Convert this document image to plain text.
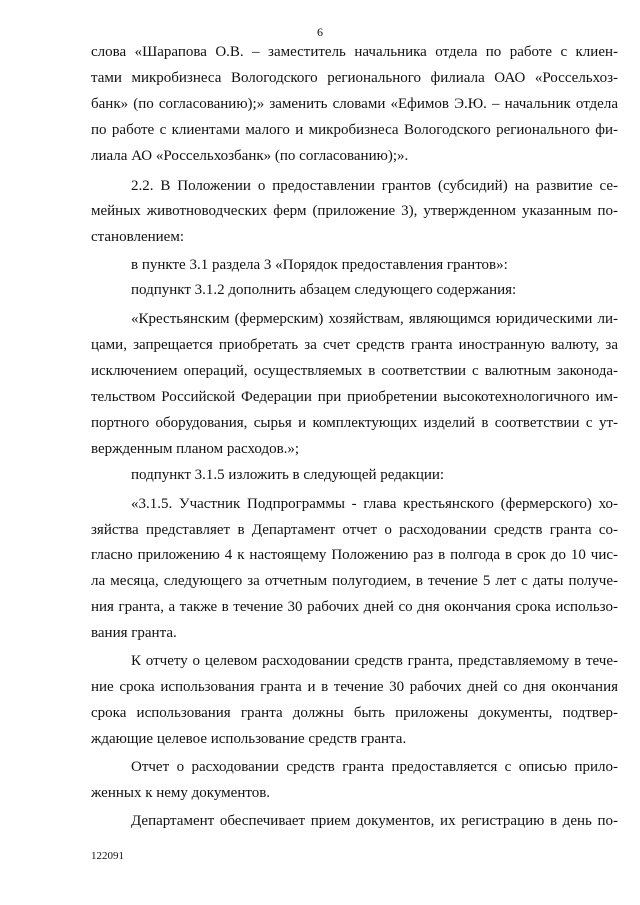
6
слова «Шарапова О.В. – заместитель начальника отдела по работе с клиен-
тами микробизнеса Вологодского регионального филиала ОАО «Россельхоз-
банк» (по согласованию);» заменить словами «Ефимов Э.Ю. – начальник отдела
по работе с клиентами малого и микробизнеса Вологодского регионального фи-
лиала АО «Россельхозбанк» (по согласованию);».
2.2. В Положении о предоставлении грантов (субсидий) на развитие се-
мейных животноводческих ферм (приложение 3), утвержденном указанным по-
становлением:
в пункте 3.1 раздела 3 «Порядок предоставления грантов»:
подпункт 3.1.2 дополнить абзацем следующего содержания:
«Крестьянским (фермерским) хозяйствам, являющимся юридическими ли-
цами, запрещается приобретать за счет средств гранта иностранную валюту, за
исключением операций, осуществляемых в соответствии с валютным законода-
тельством Российской Федерации при приобретении высокотехнологичного им-
портного оборудования, сырья и комплектующих изделий в соответствии с ут-
вержденным планом расходов.»;
подпункт 3.1.5 изложить в следующей редакции:
«3.1.5. Участник Подпрограммы - глава крестьянского (фермерского) хо-
зяйства представляет в Департамент отчет о расходовании средств гранта со-
гласно приложению 4 к настоящему Положению раз в полгода в срок до 10 чис-
ла месяца, следующего за отчетным полугодием, в течение 5 лет с даты получе-
ния гранта, а также в течение 30 рабочих дней со дня окончания срока использо-
вания гранта.
К отчету о целевом расходовании средств гранта, представляемому в тече-
ние срока использования гранта и в течение 30 рабочих дней со дня окончания
срока использования гранта должны быть приложены документы, подтвер-
ждающие целевое использование средств гранта.
Отчет о расходовании средств гранта предоставляется с описью прило-
женных к нему документов.
Департамент обеспечивает прием документов, их регистрацию в день по-
122091
